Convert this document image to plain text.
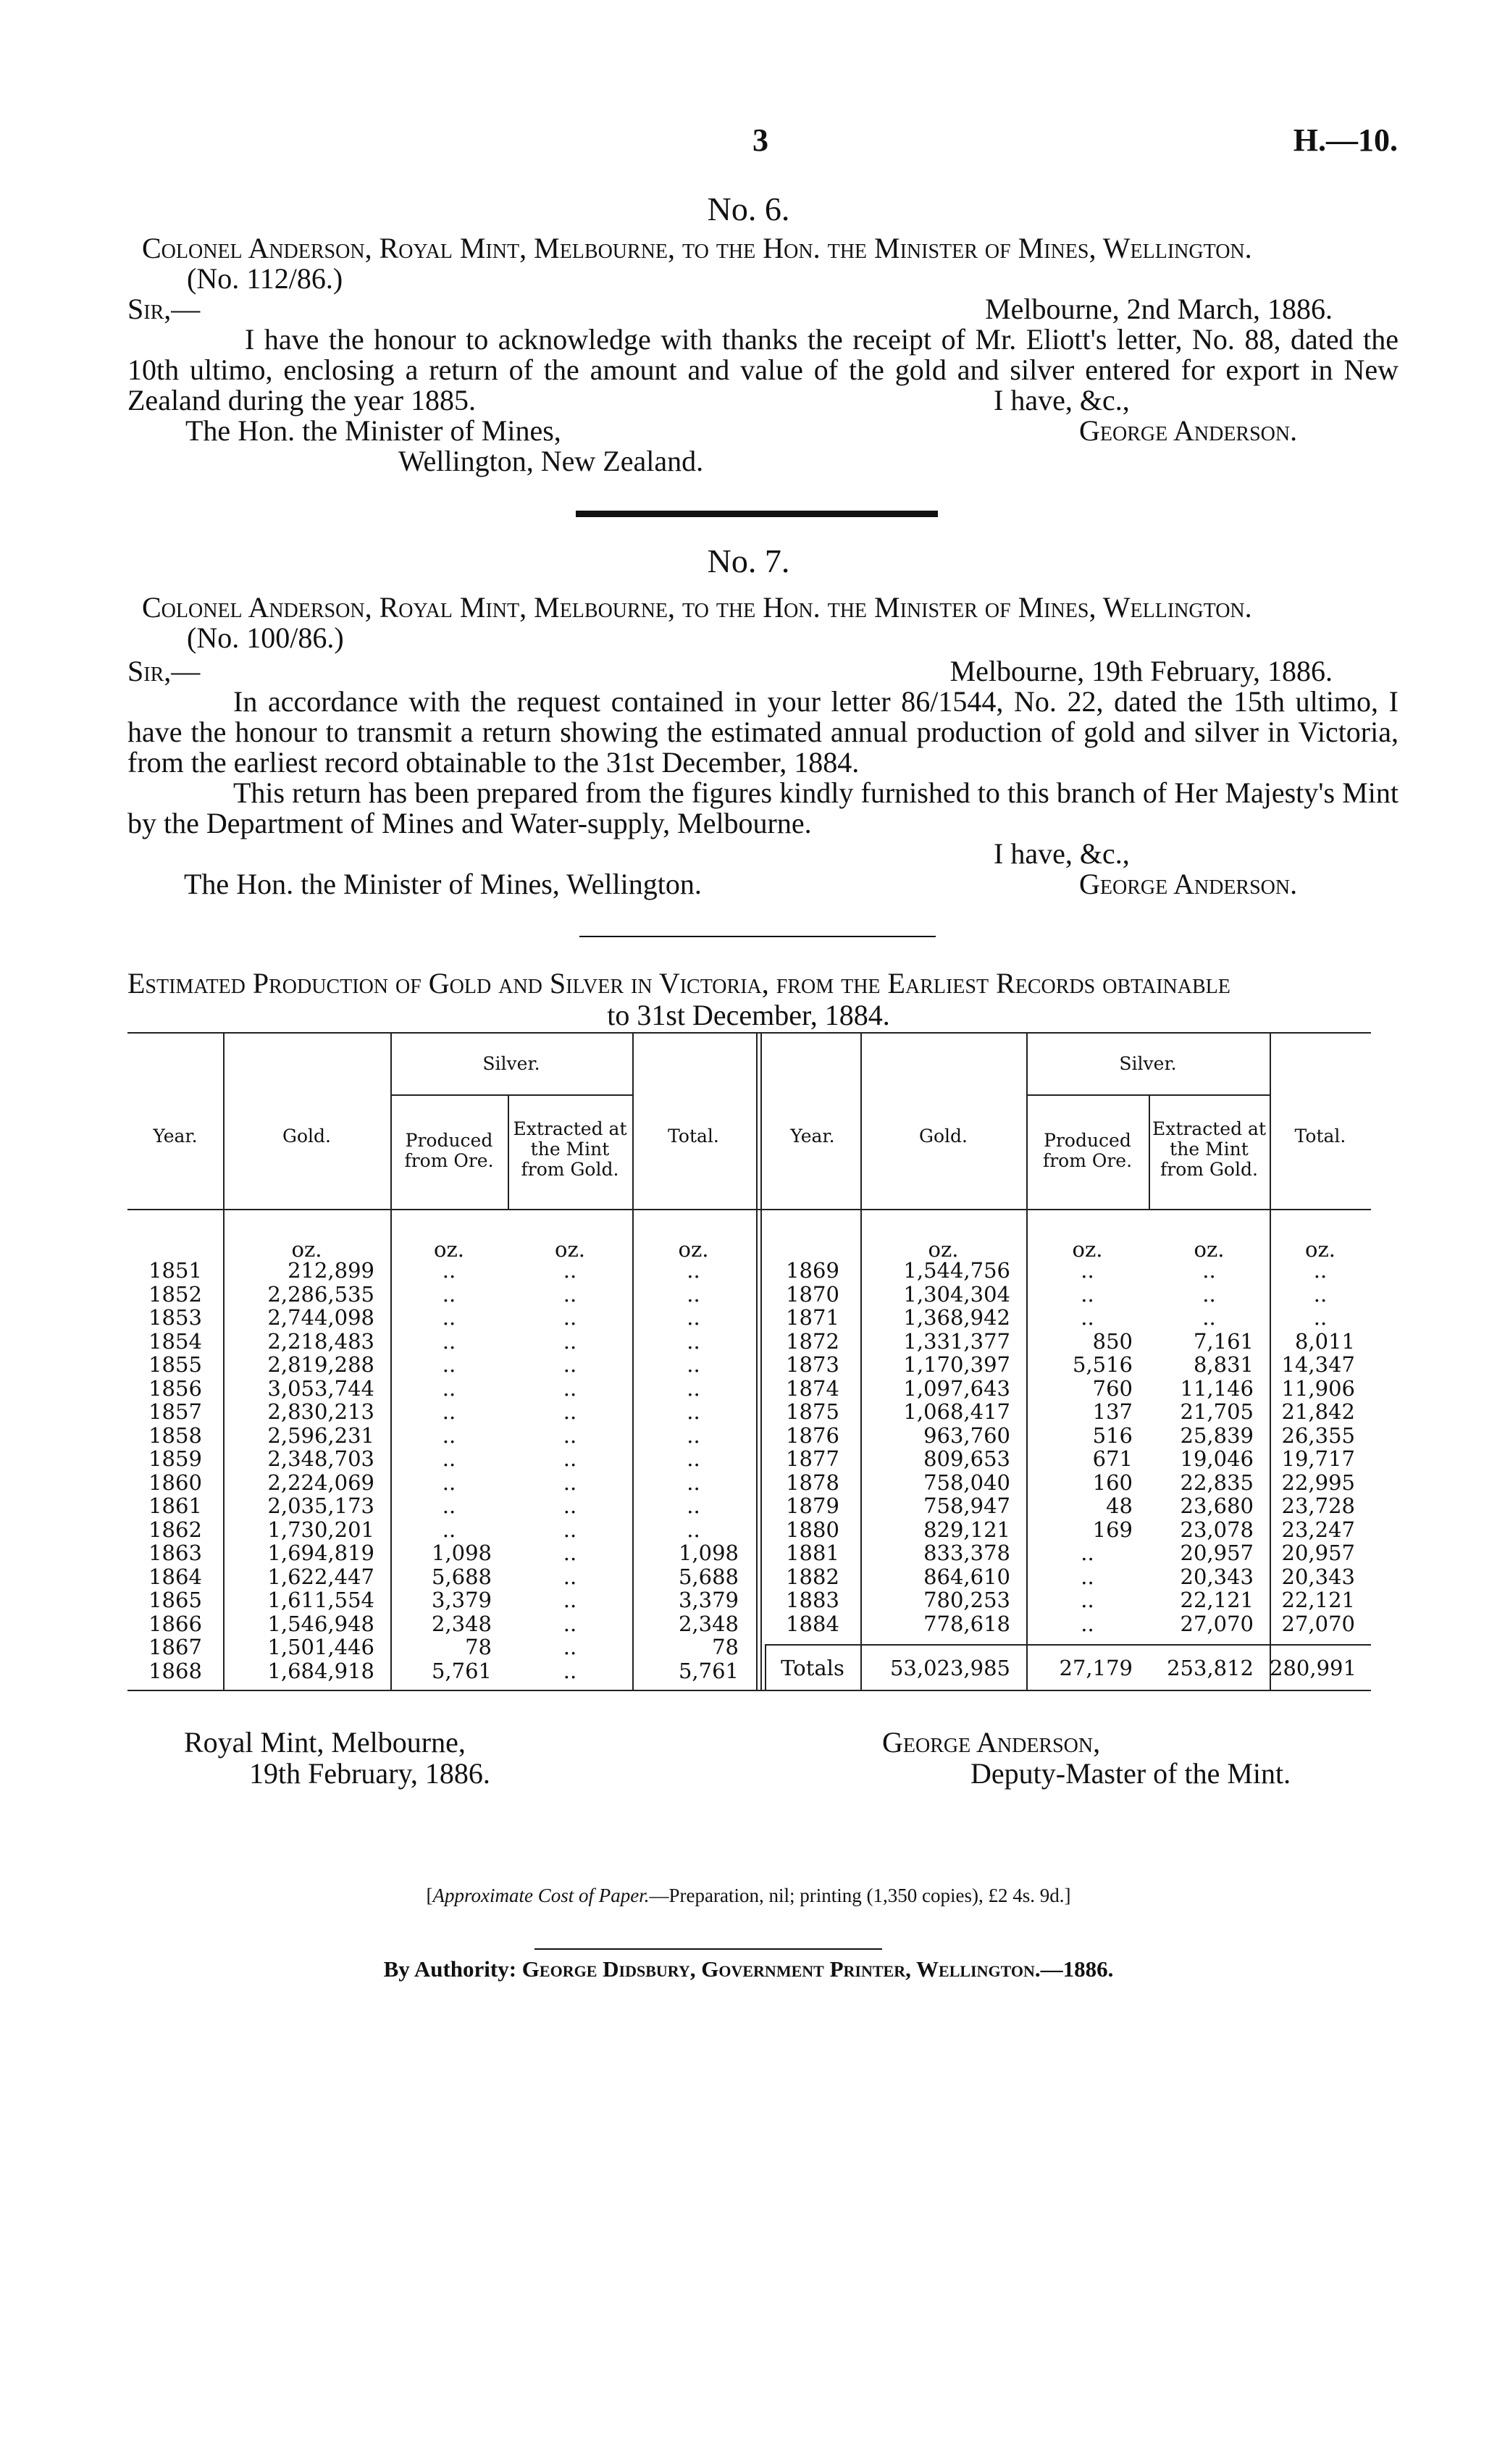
3	H.—10.
No. 6.
Colonel Anderson, Royal Mint, Melbourne, to the Hon. the Minister of Mines, Wellington.
(No. 112/86.)
Sir,—	Melbourne, 2nd March, 1886.
I have the honour to acknowledge with thanks the receipt of Mr. Eliott's letter, No. 88, dated the 10th ultimo, enclosing a return of the amount and value of the gold and silver entered for export in New Zealand during the year 1885.	I have, &c.,
George Anderson.
The Hon. the Minister of Mines,
Wellington, New Zealand.
No. 7.
Colonel Anderson, Royal Mint, Melbourne, to the Hon. the Minister of Mines, Wellington.
(No. 100/86.)
Sir,—	Melbourne, 19th February, 1886.
In accordance with the request contained in your letter 86/1544, No. 22, dated the 15th ultimo, I have the honour to transmit a return showing the estimated annual production of gold and silver in Victoria, from the earliest record obtainable to the 31st December, 1884.
This return has been prepared from the figures kindly furnished to this branch of Her Majesty's Mint by the Department of Mines and Water-supply, Melbourne.
I have, &c.,
The Hon. the Minister of Mines, Wellington.	George Anderson.
Estimated Production of Gold and Silver in Victoria, from the Earliest Records obtainable
to 31st December, 1884.
Year.	Gold.
Silver.
Produced from Ore.
Extracted at the Mint from Gold.
Total.	Year.	Gold.
Silver.
Produced from Ore.
Extracted at the Mint from Gold.
Total.
oz.	oz.	oz.	oz.	oz.	oz.	oz.	oz.
1851	212,899	..	..	..
1852	2,286,535	..	..	..
1853	2,744,098	..	..	..
1854	2,218,483	..	..	..
1855	2,819,288	..	..	..
1856	3,053,744	..	..	..
1857	2,830,213	..	..	..
1858	2,596,231	..	..	..
1859	2,348,703	..	..	..
1860	2,224,069	..	..	..
1861	2,035,173	..	..	..
1862	1,730,201	..	..	..
1863	1,694,819	1,098	..	1,098
1864	1,622,447	5,688	..	5,688
1865	1,611,554	3,379	..	3,379
1866	1,546,948	2,348	..	2,348
1867	1,501,446	78	..	78
1868	1,684,918	5,761	..	5,761
1869	1,544,756	..	..	..
1870	1,304,304	..	..	..
1871	1,368,942	..	..	..
1872	1,331,377	850	7,161	8,011
1873	1,170,397	5,516	8,831	14,347
1874	1,097,643	760	11,146	11,906
1875	1,068,417	137	21,705	21,842
1876	963,760	516	25,839	26,355
1877	809,653	671	19,046	19,717
1878	758,040	160	22,835	22,995
1879	758,947	48	23,680	23,728
1880	829,121	169	23,078	23,247
1881	833,378	..	20,957	20,957
1882	864,610	..	20,343	20,343
1883	780,253	..	22,121	22,121
1884	778,618	..	27,070	27,070
Totals	53,023,985	27,179	253,812 280,991
Royal Mint, Melbourne,
19th February, 1886.
George Anderson,
Deputy-Master of the Mint.
[Approximate Cost of Paper.—Preparation, nil; printing (1,350 copies), £2 4s. 9d.]
By Authority: George Didsbury, Government Printer, Wellington.—1886.
